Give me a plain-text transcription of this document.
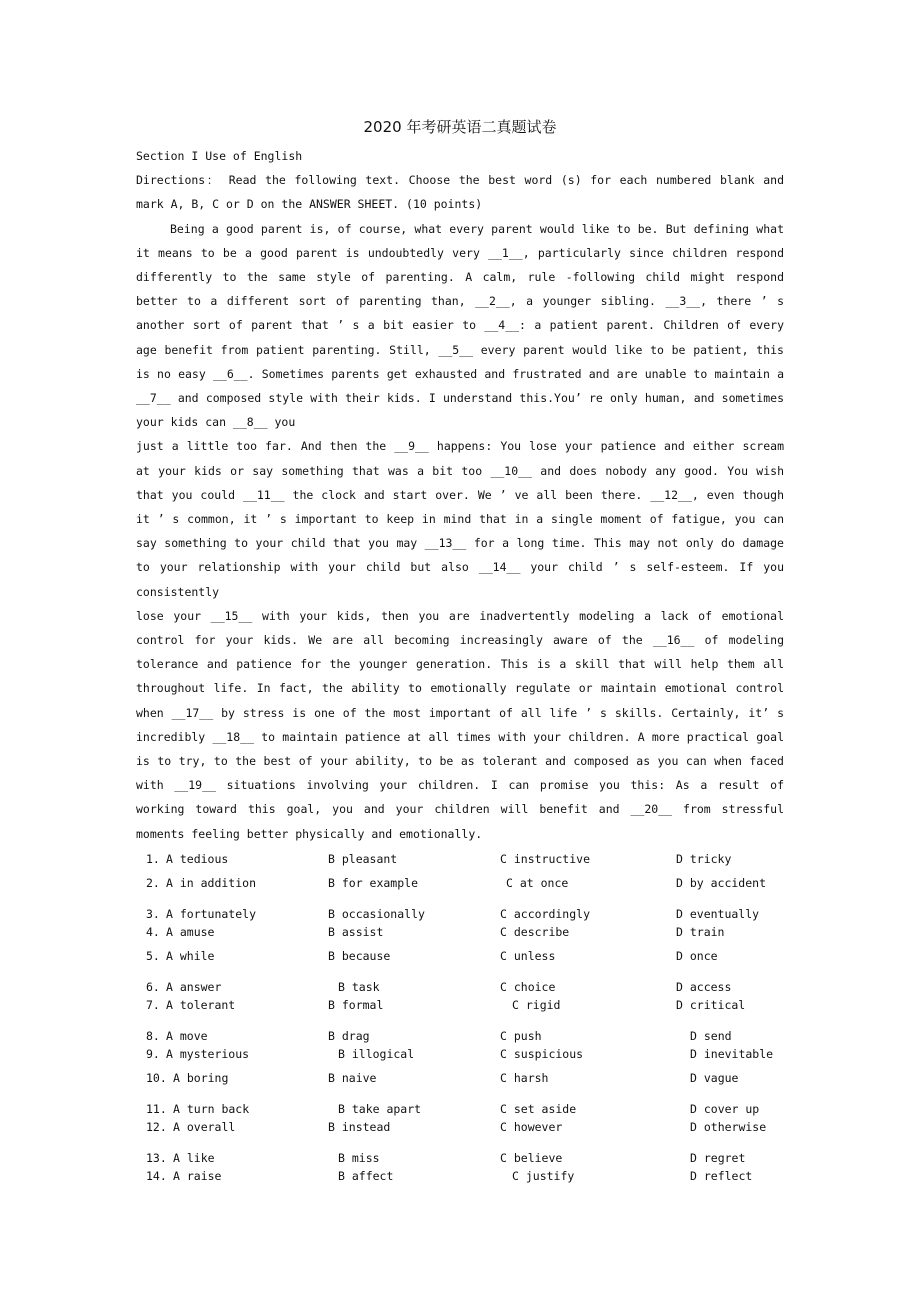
2020 年考研英语二真题试卷

Section I Use of English

Directions： Read the following text. Choose the best word (s) for each numbered blank and mark A, B, C or D on the ANSWER SHEET. (10 points)

Being a good parent is, of course, what every parent would like to be. But defining what it means to be a good parent is undoubtedly very __1__, particularly since children respond differently to the same style of parenting. A calm, rule -following child might respond better to a different sort of parenting than, __2__, a younger sibling. __3__, there ’ s another sort of parent that ’ s a bit easier to __4__: a patient parent. Children of every age benefit from patient parenting. Still, __5__ every parent would like to be patient, this is no easy __6__. Sometimes parents get exhausted and frustrated and are unable to maintain a __7__ and composed style with their kids. I understand this.You’ re only human, and sometimes your kids can __8__ you

just a little too far. And then the __9__ happens: You lose your patience and either scream at your kids or say something that was a bit too __10__ and does nobody any good. You wish that you could __11__ the clock and start over. We ’ ve all been there. __12__, even though it ’ s common, it ’ s important to keep in mind that in a single moment of fatigue, you can say something to your child that you may __13__ for a long time. This may not only do damage to your relationship with your child but also __14__ your child ’ s self-esteem. If you consistently

lose your __15__ with your kids, then you are inadvertently modeling a lack of emotional control for your kids. We are all becoming increasingly aware of the __16__ of modeling tolerance and patience for the younger generation. This is a skill that will help them all throughout life. In fact, the ability to emotionally regulate or maintain emotional control when __17__ by stress is one of the most important of all life ’ s skills. Certainly, it’ s incredibly __18__ to maintain patience at all times with your children. A more practical goal is to try, to the best of your ability, to be as tolerant and composed as you can when faced with __19__ situations involving your children. I can promise you this: As a result of working toward this goal, you and your children will benefit and __20__ from stressful moments feeling better physically and emotionally.

1. A tedious	B pleasant	C instructive	D tricky
2. A in addition	B for example	C at once	D by accident
3. A fortunately	B occasionally	C accordingly	D eventually
4. A amuse	B assist	C describe	D train
5. A while	B because	C unless	D once
6. A answer	B task	C choice	D access
7. A tolerant	B formal	C rigid	D critical
8. A move	B drag	C push	D send
9. A mysterious	B illogical	C suspicious	D inevitable
10. A boring	B naive	C harsh	D vague
11. A turn back	B take apart	C set aside	D cover up
12. A overall	B instead	C however	D otherwise
13. A like	B miss	C believe	D regret
14. A raise	B affect	C justify	D reflect
